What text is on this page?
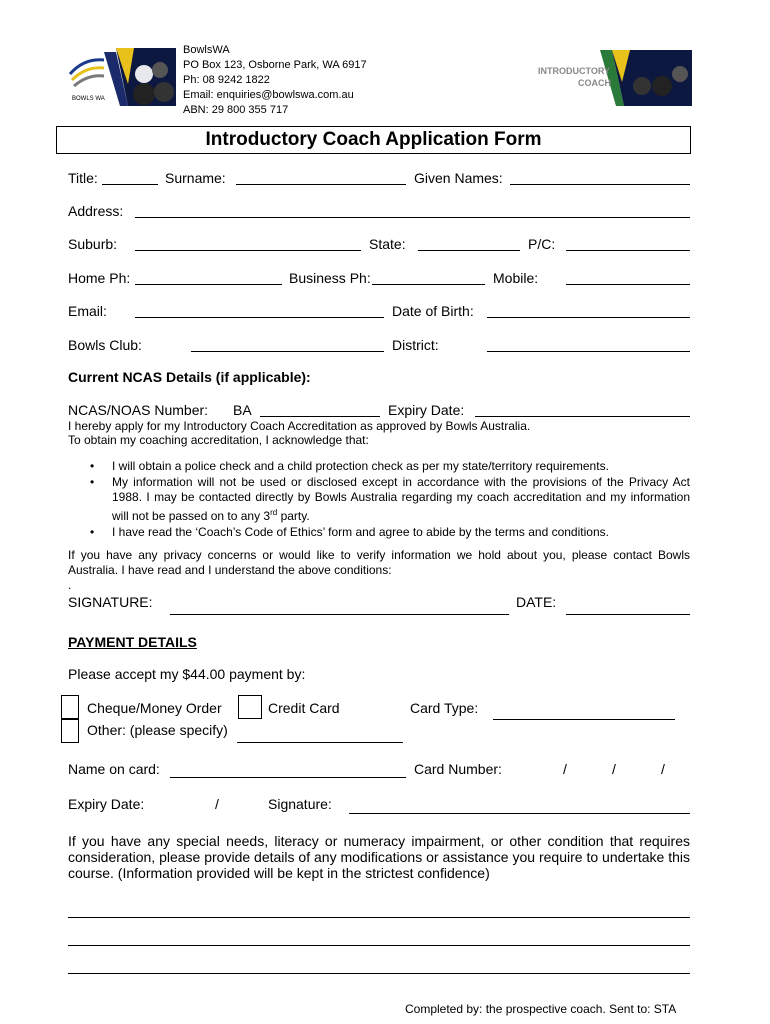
BOWLS WA
BowlsWA
PO Box 123, Osborne Park, WA 6917
Ph: 08 9242 1822
Email: enquiries@bowlswa.com.au
ABN: 29 800 355 717
INTRODUCTORY
COACH
Introductory Coach Application Form
Title:	Surname:	Given Names:
Address:
Suburb:	State:	P/C:
Home Ph:	Business Ph:	Mobile:
Email:	Date of Birth:
Bowls Club:	District:
Current NCAS Details (if applicable):
NCAS/NOAS Number: BA	Expiry Date:
I hereby apply for my Introductory Coach Accreditation as approved by Bowls Australia.
To obtain my coaching accreditation, I acknowledge that:
• I will obtain a police check and a child protection check as per my state/territory requirements.
• My information will not be used or disclosed except in accordance with the provisions of the Privacy Act 1988. I may be contacted directly by Bowls Australia regarding my coach accreditation and my information will not be passed on to any 3rd party.
• I have read the ‘Coach’s Code of Ethics’ form and agree to abide by the terms and conditions.
If you have any privacy concerns or would like to verify information we hold about you, please contact Bowls Australia. I have read and I understand the above conditions:
.
SIGNATURE:	DATE:
PAYMENT DETAILS
Please accept my $44.00 payment by:
Cheque/Money Order	Credit Card	Card Type:
Other: (please specify)
Name on card:	Card Number:	/	/	/
Expiry Date:	/	Signature:
If you have any special needs, literacy or numeracy impairment, or other condition that requires consideration, please provide details of any modifications or assistance you require to undertake this course. (Information provided will be kept in the strictest confidence)
Completed by: the prospective coach. Sent to: STA
